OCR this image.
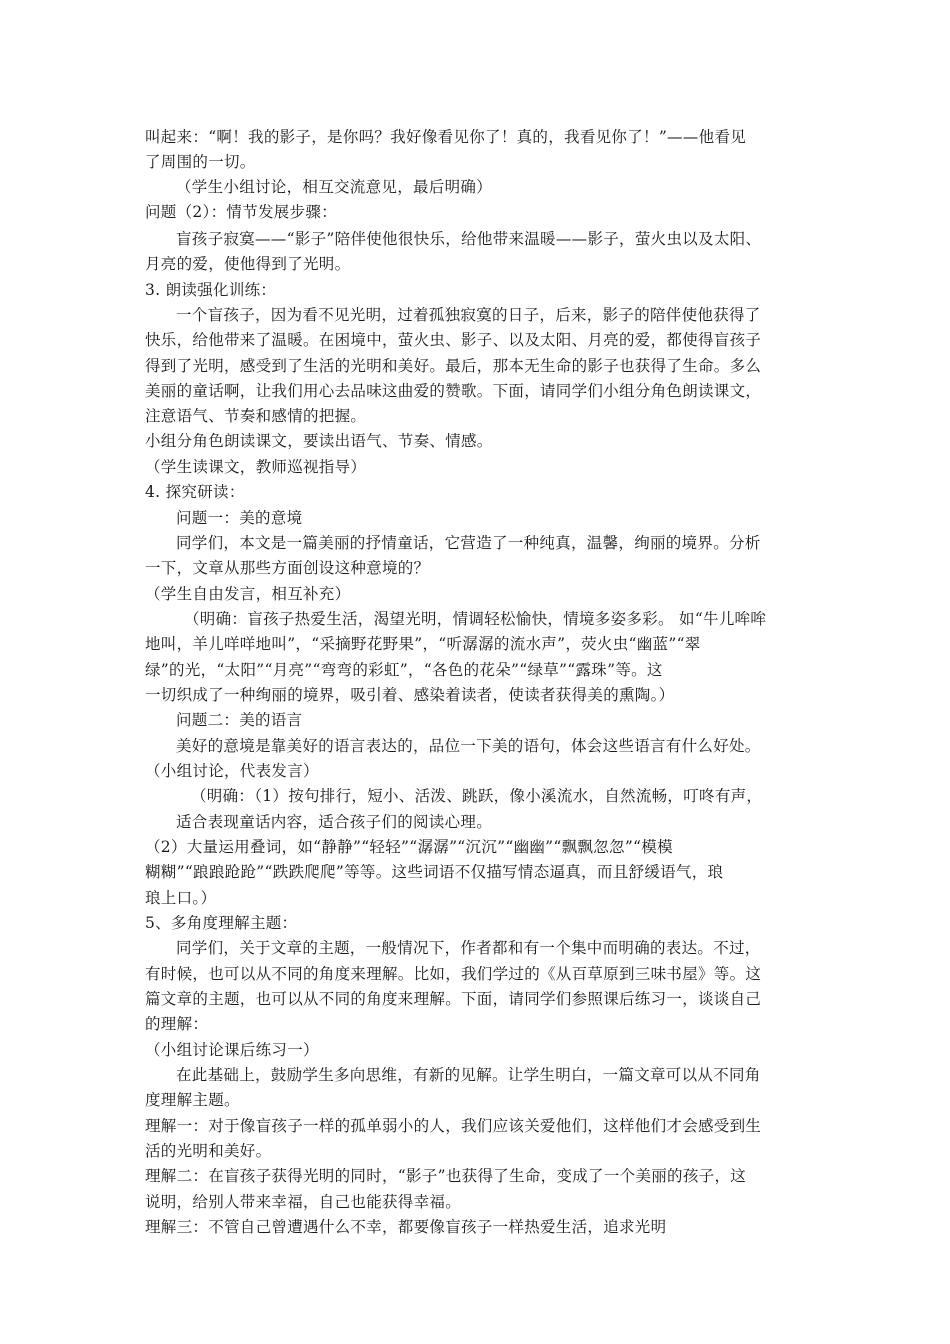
叫起来：“啊！我的影子，是你吗？我好像看见你了！真的，我看见你了！”——他看见
了周围的一切。
（学生小组讨论，相互交流意见，最后明确）
问题（2）：情节发展步骤：
盲孩子寂寞——“影子”陪伴使他很快乐，给他带来温暖——影子，萤火虫以及太阳、
月亮的爱，使他得到了光明。
3. 朗读强化训练：
一个盲孩子，因为看不见光明，过着孤独寂寞的日子，后来，影子的陪伴使他获得了
快乐，给他带来了温暖。在困境中，萤火虫、影子、以及太阳、月亮的爱，都使得盲孩子
得到了光明，感受到了生活的光明和美好。最后，那本无生命的影子也获得了生命。多么
美丽的童话啊，让我们用心去品味这曲爱的赞歌。下面，请同学们小组分角色朗读课文，
注意语气、节奏和感情的把握。
小组分角色朗读课文，要读出语气、节奏、情感。
（学生读课文，教师巡视指导）
4. 探究研读：
问题一：美的意境
同学们，本文是一篇美丽的抒情童话，它营造了一种纯真，温馨，绚丽的境界。分析
一下，文章从那些方面创设这种意境的？
（学生自由发言，相互补充）
（明确：盲孩子热爱生活，渴望光明，情调轻松愉快，情境多姿多彩。 如“牛儿哞哞
地叫，羊儿咩咩地叫”，“采摘野花野果”，“听潺潺的流水声”，荧火虫“幽蓝”“翠
绿”的光，“太阳”“月亮”“弯弯的彩虹”，“各色的花朵”“绿草”“露珠”等。这
一切织成了一种绚丽的境界，吸引着、感染着读者，使读者获得美的熏陶。）
问题二：美的语言
美好的意境是靠美好的语言表达的，品位一下美的语句，体会这些语言有什么好处。
（小组讨论，代表发言）
（明确：（1）按句排行，短小、活泼、跳跃，像小溪流水，自然流畅，叮咚有声，
适合表现童话内容，适合孩子们的阅读心理。
（2）大量运用叠词，如“静静”“轻轻”“潺潺”“沉沉”“幽幽”“飘飘忽忽”“模模
糊糊”“踉踉跄跄”“跌跌爬爬”等等。这些词语不仅描写情态逼真，而且舒缓语气，琅
琅上口。）
5、多角度理解主题：
同学们，关于文章的主题，一般情况下，作者都和有一个集中而明确的表达。不过，
有时候，也可以从不同的角度来理解。比如，我们学过的《从百草原到三味书屋》等。这
篇文章的主题，也可以从不同的角度来理解。下面，请同学们参照课后练习一，谈谈自己
的理解：
（小组讨论课后练习一）
在此基础上，鼓励学生多向思维，有新的见解。让学生明白，一篇文章可以从不同角
度理解主题。
理解一：对于像盲孩子一样的孤单弱小的人，我们应该关爱他们，这样他们才会感受到生
活的光明和美好。
理解二：在盲孩子获得光明的同时，“影子”也获得了生命，变成了一个美丽的孩子，这
说明，给别人带来幸福，自己也能获得幸福。
理解三：不管自己曾遭遇什么不幸，都要像盲孩子一样热爱生活，追求光明
